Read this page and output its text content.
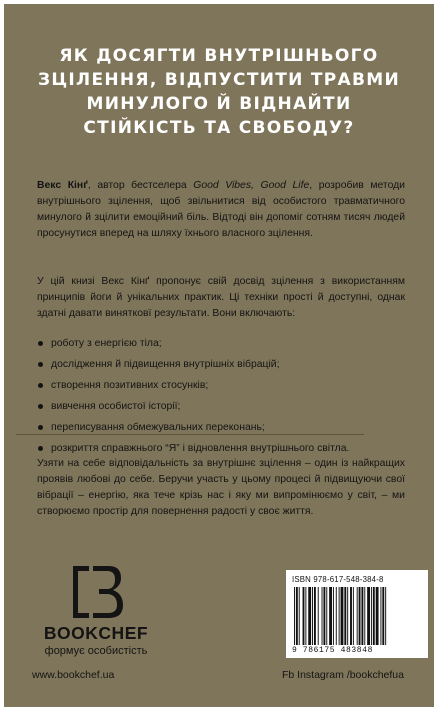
ЯК ДОСЯГТИ ВНУТРІШНЬОГО ЗЦІЛЕННЯ, ВІДПУСТИТИ ТРАВМИ МИНУЛОГО Й ВІДНАЙТИ СТІЙКІСТЬ ТА СВОБОДУ?

Векс Кінґ, автор бестселера Good Vibes, Good Life, розробив методи внутрішнього зцілення, щоб звільнитися від особистого травматичного минулого й зцілити емоційний біль. Відтоді він допоміг сотням тисяч людей просунутися вперед на шляху їхнього власного зцілення.

У цій книзі Векс Кінґ пропонує свій досвід зцілення з використанням принципів йоги й унікальних практик. Ці техніки прості й доступні, однак здатні давати винятковї результати. Вони включають:

роботу з енергією тіла;
дослідження й підвищення внутрішніх вібрацій;
створення позитивних стосунків;
вивчення особистої історії;
переписування обмежувальних переконань;
розкриття справжнього “Я” і відновлення внутрішнього світла.

Узяти на себе відповідальність за внутрішнє зцілення – один із найкращих проявів любові до себе. Беручи участь у цьому процесі й підвищуючи свої вібрації – енергію, яка тече крізь нас і яку ми випромінюємо у світ, – ми створюємо простір для повернення радості у своє життя.

BOOKCHEF
формує особистість
www.bookchef.ua	Fb Instagram /bookchefua
ISBN 978-617-548-384-8
9 786175 483848
